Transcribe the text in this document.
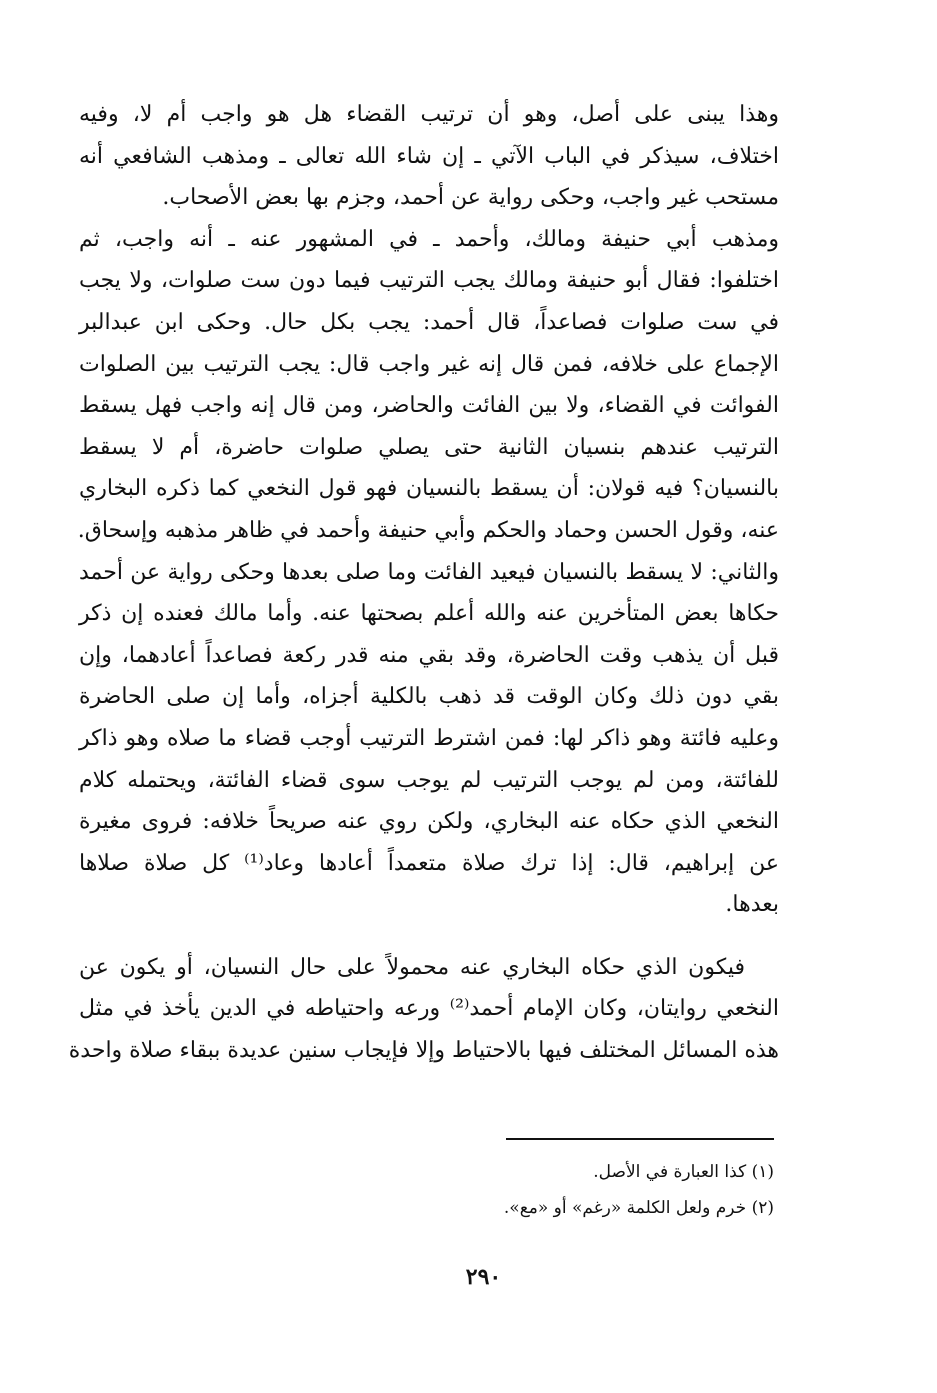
وهذا يبنى على أصل، وهو أن ترتيب القضاء هل هو واجب أم لا، وفيه
اختلاف، سيذكر في الباب الآتي ـ إن شاء الله تعالى ـ ومذهب الشافعي أنه
مستحب غير واجب، وحكى رواية عن أحمد، وجزم بها بعض الأصحاب.
ومذهب أبي حنيفة ومالك، وأحمد ـ في المشهور عنه ـ أنه واجب، ثم
اختلفوا: فقال أبو حنيفة ومالك يجب الترتيب فيما دون ست صلوات، ولا يجب
في ست صلوات فصاعداً، قال أحمد: يجب بكل حال. وحكى ابن عبدالبر
الإجماع على خلافه، فمن قال إنه غير واجب قال: يجب الترتيب بين الصلوات
الفوائت في القضاء، ولا بين الفائت والحاضر، ومن قال إنه واجب فهل يسقط
الترتيب عندهم بنسيان الثانية حتى يصلي صلوات حاضرة، أم لا يسقط
بالنسيان؟ فيه قولان: أن يسقط بالنسيان فهو قول النخعي كما ذكره البخاري
عنه، وقول الحسن وحماد والحكم وأبي حنيفة وأحمد في ظاهر مذهبه وإسحاق.
والثاني: لا يسقط بالنسيان فيعيد الفائت وما صلى بعدها وحكى رواية عن أحمد
حكاها بعض المتأخرين عنه والله أعلم بصحتها عنه. وأما مالك فعنده إن ذكر
قبل أن يذهب وقت الحاضرة، وقد بقي منه قدر ركعة فصاعداً أعادهما، وإن
بقي دون ذلك وكان الوقت قد ذهب بالكلية أجزاه، وأما إن صلى الحاضرة
وعليه فائتة وهو ذاكر لها: فمن اشترط الترتيب أوجب قضاء ما صلاه وهو ذاكر
للفائتة، ومن لم يوجب الترتيب لم يوجب سوى قضاء الفائتة، ويحتمله كلام
النخعي الذي حكاه عنه البخاري، ولكن روي عنه صريحاً خلافه: فروى مغيرة
عن إبراهيم، قال: إذا ترك صلاة متعمداً أعادها وعاد⁽¹⁾ كل صلاة صلاها
بعدها.
فيكون الذي حكاه البخاري عنه محمولاً على حال النسيان، أو يكون عن
النخعي روايتان، وكان الإمام أحمد⁽²⁾ ورعه واحتياطه في الدين يأخذ في مثل
هذه المسائل المختلف فيها بالاحتياط وإلا فإيجاب سنين عديدة ببقاء صلاة واحدة
(١) كذا العبارة في الأصل.
(٢) خرم ولعل الكلمة «رغم» أو «مع».
٢٩٠
